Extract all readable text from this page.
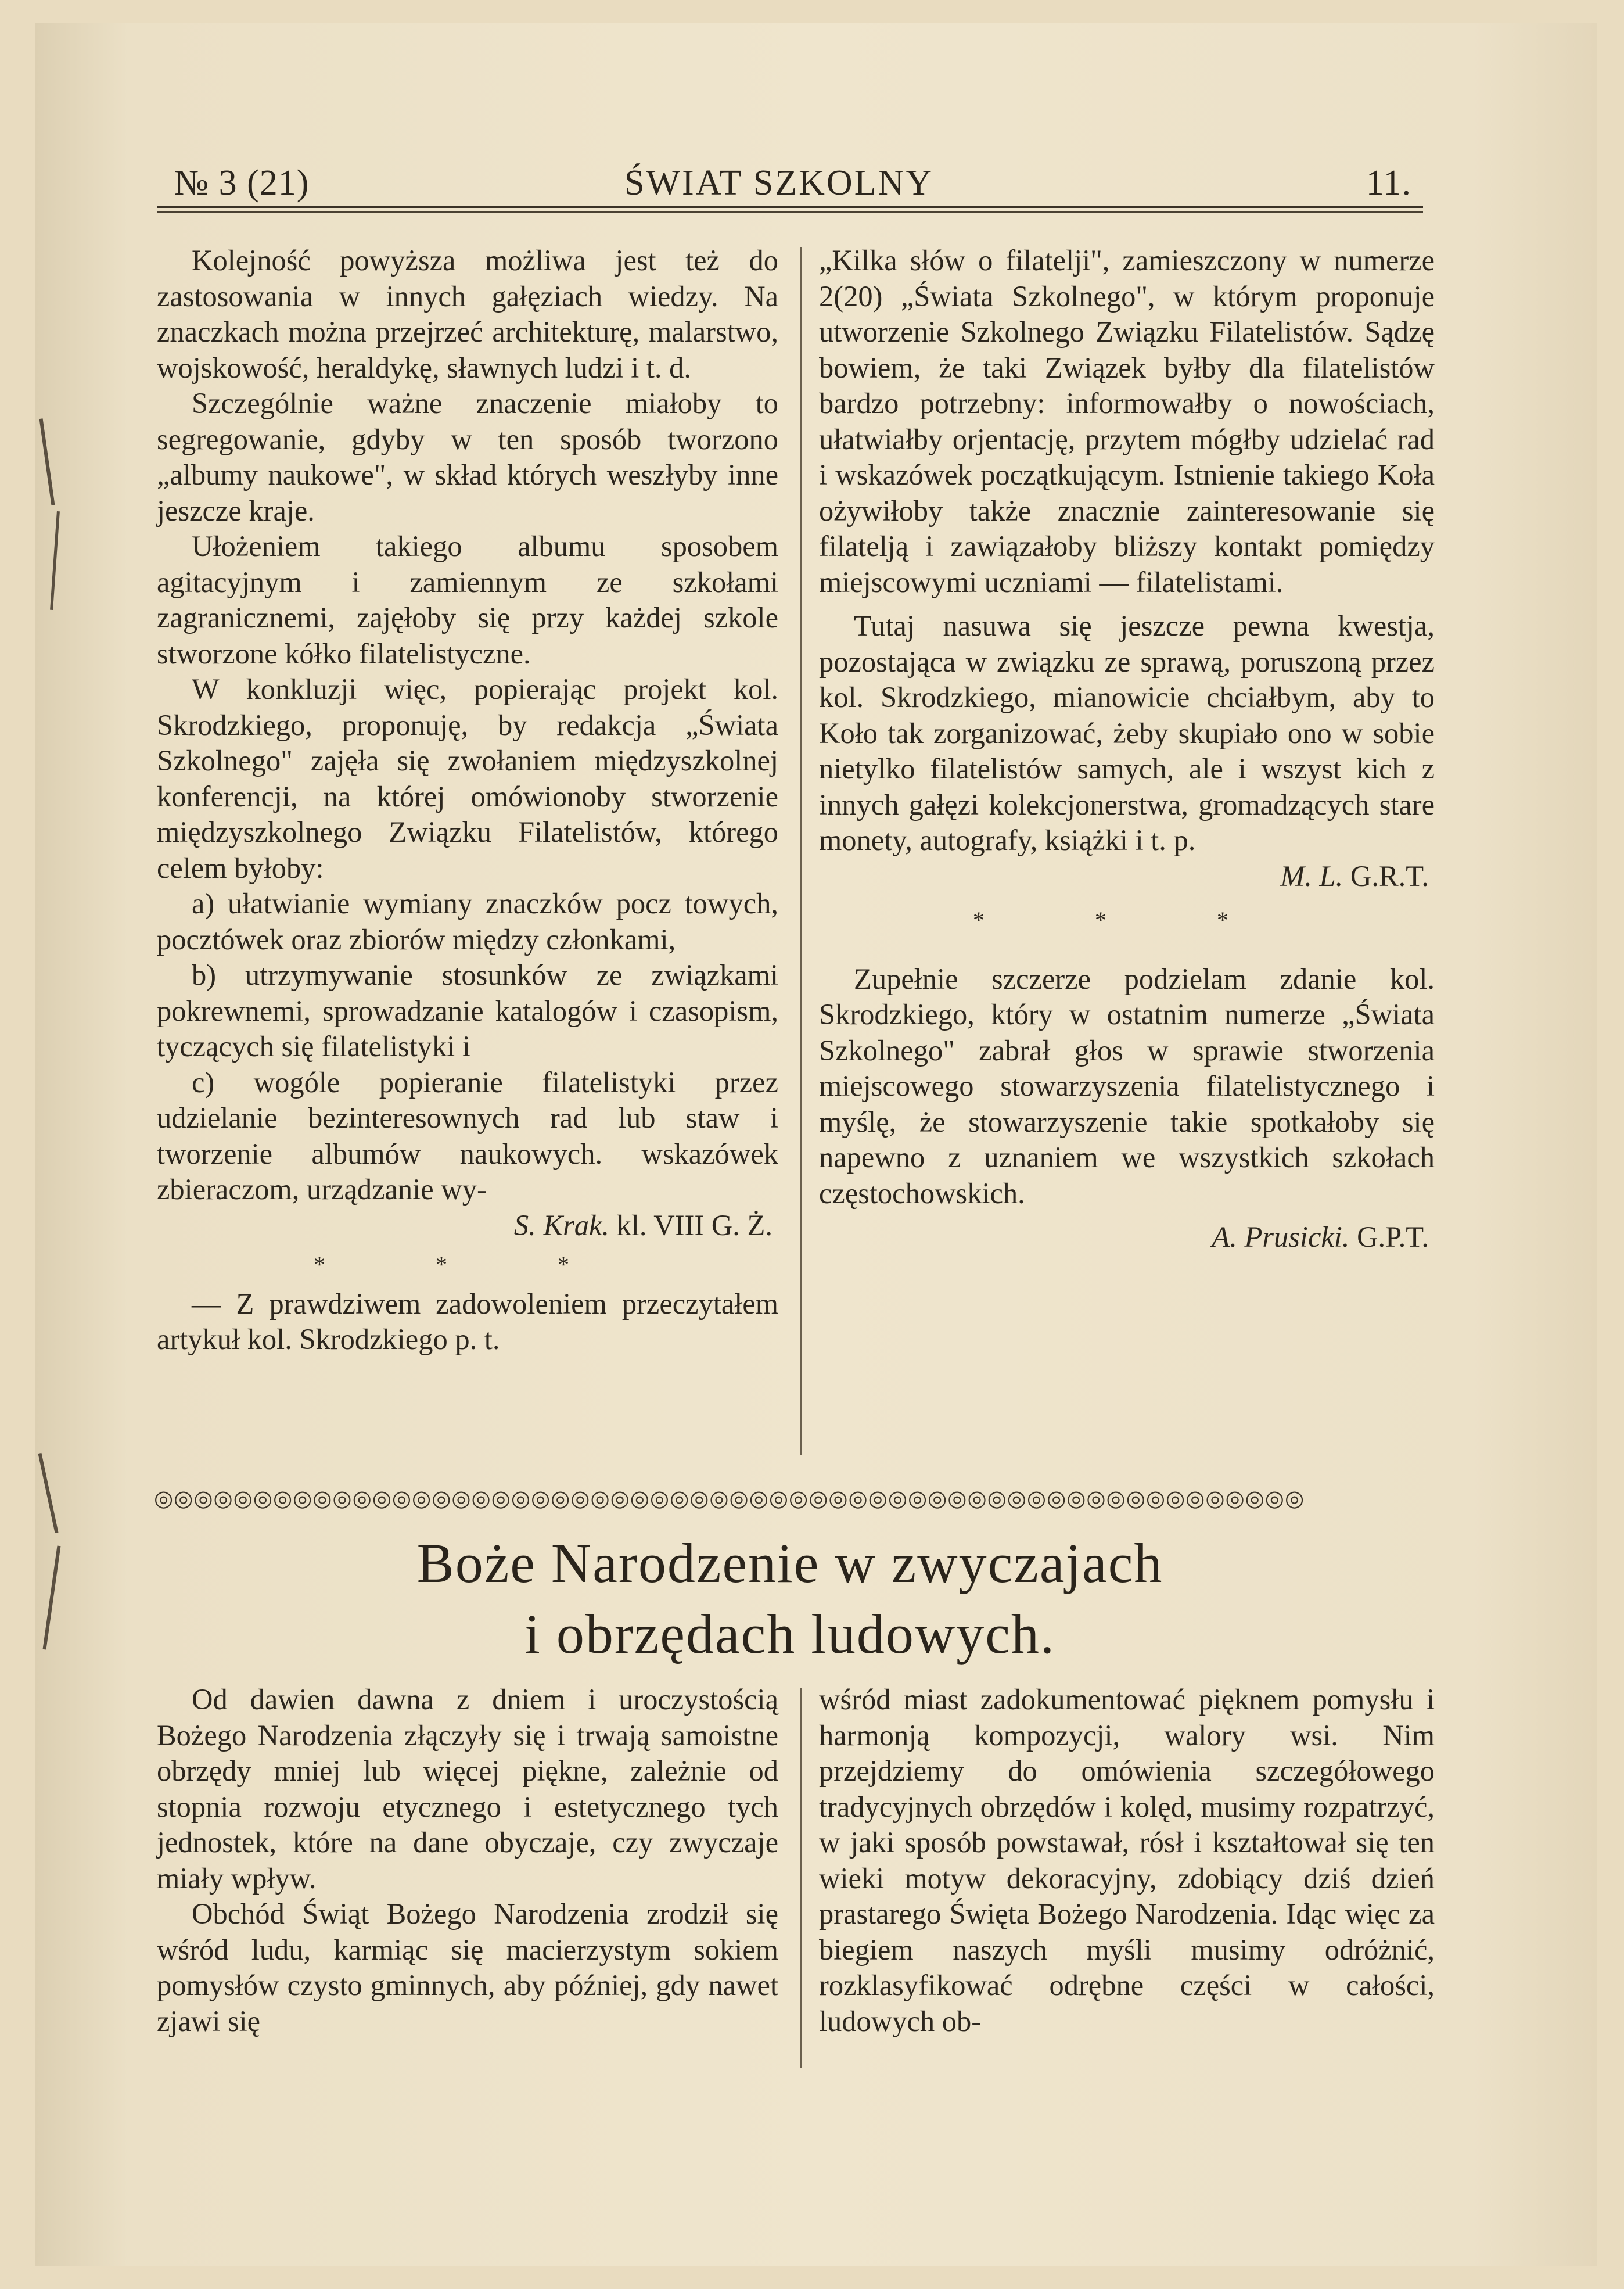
№ 3 (21)	ŚWIAT SZKOLNY	11.

Kolejność powyższa możliwa jest też do zastosowania w innych gałęziach wiedzy. Na znaczkach można przejrzeć architekturę, malarstwo, wojskowość, heraldykę, sławnych ludzi i t. d.

Szczególnie ważne znaczenie miałoby to segregowanie, gdyby w ten sposób tworzono „albumy naukowe", w skład których weszłyby inne jeszcze kraje.

Ułożeniem takiego albumu sposobem agitacyjnym i zamiennym ze szkołami zagranicznemi, zajęłoby się przy każdej szkole stworzone kółko filatelistyczne.

W konkluzji więc, popierając projekt kol. Skrodzkiego, proponuję, by redakcja „Świata Szkolnego" zajęła się zwołaniem międzyszkolnej konferencji, na której omówionoby stworzenie międzyszkolnego Związku Filatelistów, którego celem byłoby:

a) ułatwianie wymiany znaczków pocz towych, pocztówek oraz zbiorów między członkami,

b) utrzymywanie stosunków ze związkami pokrewnemi, sprowadzanie katalogów i czasopism, tyczących się filatelistyki i

c) wogóle popieranie filatelistyki przez udzielanie bezinteresownych rad lub staw i tworzenie albumów naukowych. wskazówek zbieraczom, urządzanie wy-

S. Krak. kl. VIII G. Ż.

* * *

— Z prawdziwem zadowoleniem przeczytałem artykuł kol. Skrodzkiego p. t.

„Kilka słów o filatelji", zamieszczony w numerze 2(20) „Świata Szkolnego", w którym proponuje utworzenie Szkolnego Związku Filatelistów. Sądzę bowiem, że taki Związek byłby dla filatelistów bardzo potrzebny: informowałby o nowościach, ułatwiałby orjentację, przytem mógłby udzielać rad i wskazówek początkującym. Istnienie takiego Koła ożywiłoby także znacznie zainteresowanie się filatelją i zawiązałoby bliższy kontakt pomiędzy miejscowymi uczniami — filatelistami.

Tutaj nasuwa się jeszcze pewna kwestja, pozostająca w związku ze sprawą, poruszoną przez kol. Skrodzkiego, mianowicie chciałbym, aby to Koło tak zorganizować, żeby skupiało ono w sobie nietylko filatelistów samych, ale i wszyst kich z innych gałęzi kolekcjonerstwa, gromadzących stare monety, autografy, książki i t. p.

M. L. G.R.T.

* * *

Zupełnie szczerze podzielam zdanie kol. Skrodzkiego, który w ostatnim numerze „Świata Szkolnego" zabrał głos w sprawie stworzenia miejscowego stowarzyszenia filatelistycznego i myślę, że stowarzyszenie takie spotkałoby się napewno z uznaniem we wszystkich szkołach częstochowskich.

A. Prusicki. G.P.T.

◎◎◎◎◎◎◎◎◎◎◎◎◎◎◎◎◎◎◎◎◎◎◎◎◎◎◎◎◎◎◎◎◎◎◎◎◎◎◎◎◎◎◎◎◎◎◎◎◎◎◎◎◎◎◎◎◎◎
Boże Narodzenie w zwyczajach
i obrzędach ludowych.

Od dawien dawna z dniem i uroczystością Bożego Narodzenia złączyły się i trwają samoistne obrzędy mniej lub więcej piękne, zależnie od stopnia rozwoju etycznego i estetycznego tych jednostek, które na dane obyczaje, czy zwyczaje miały wpływ.

Obchód Świąt Bożego Narodzenia zrodził się wśród ludu, karmiąc się macierzystym sokiem pomysłów czysto gminnych, aby później, gdy nawet zjawi się

wśród miast zadokumentować pięknem pomysłu i harmonją kompozycji, walory wsi. Nim przejdziemy do omówienia szczegółowego tradycyjnych obrzędów i kolęd, musimy rozpatrzyć, w jaki sposób powstawał, rósł i kształtował się ten wieki motyw dekoracyjny, zdobiący dziś dzień prastarego Święta Bożego Narodzenia. Idąc więc za biegiem naszych myśli musimy odróżnić, rozklasyfikować odrębne części w całości, ludowych ob-
